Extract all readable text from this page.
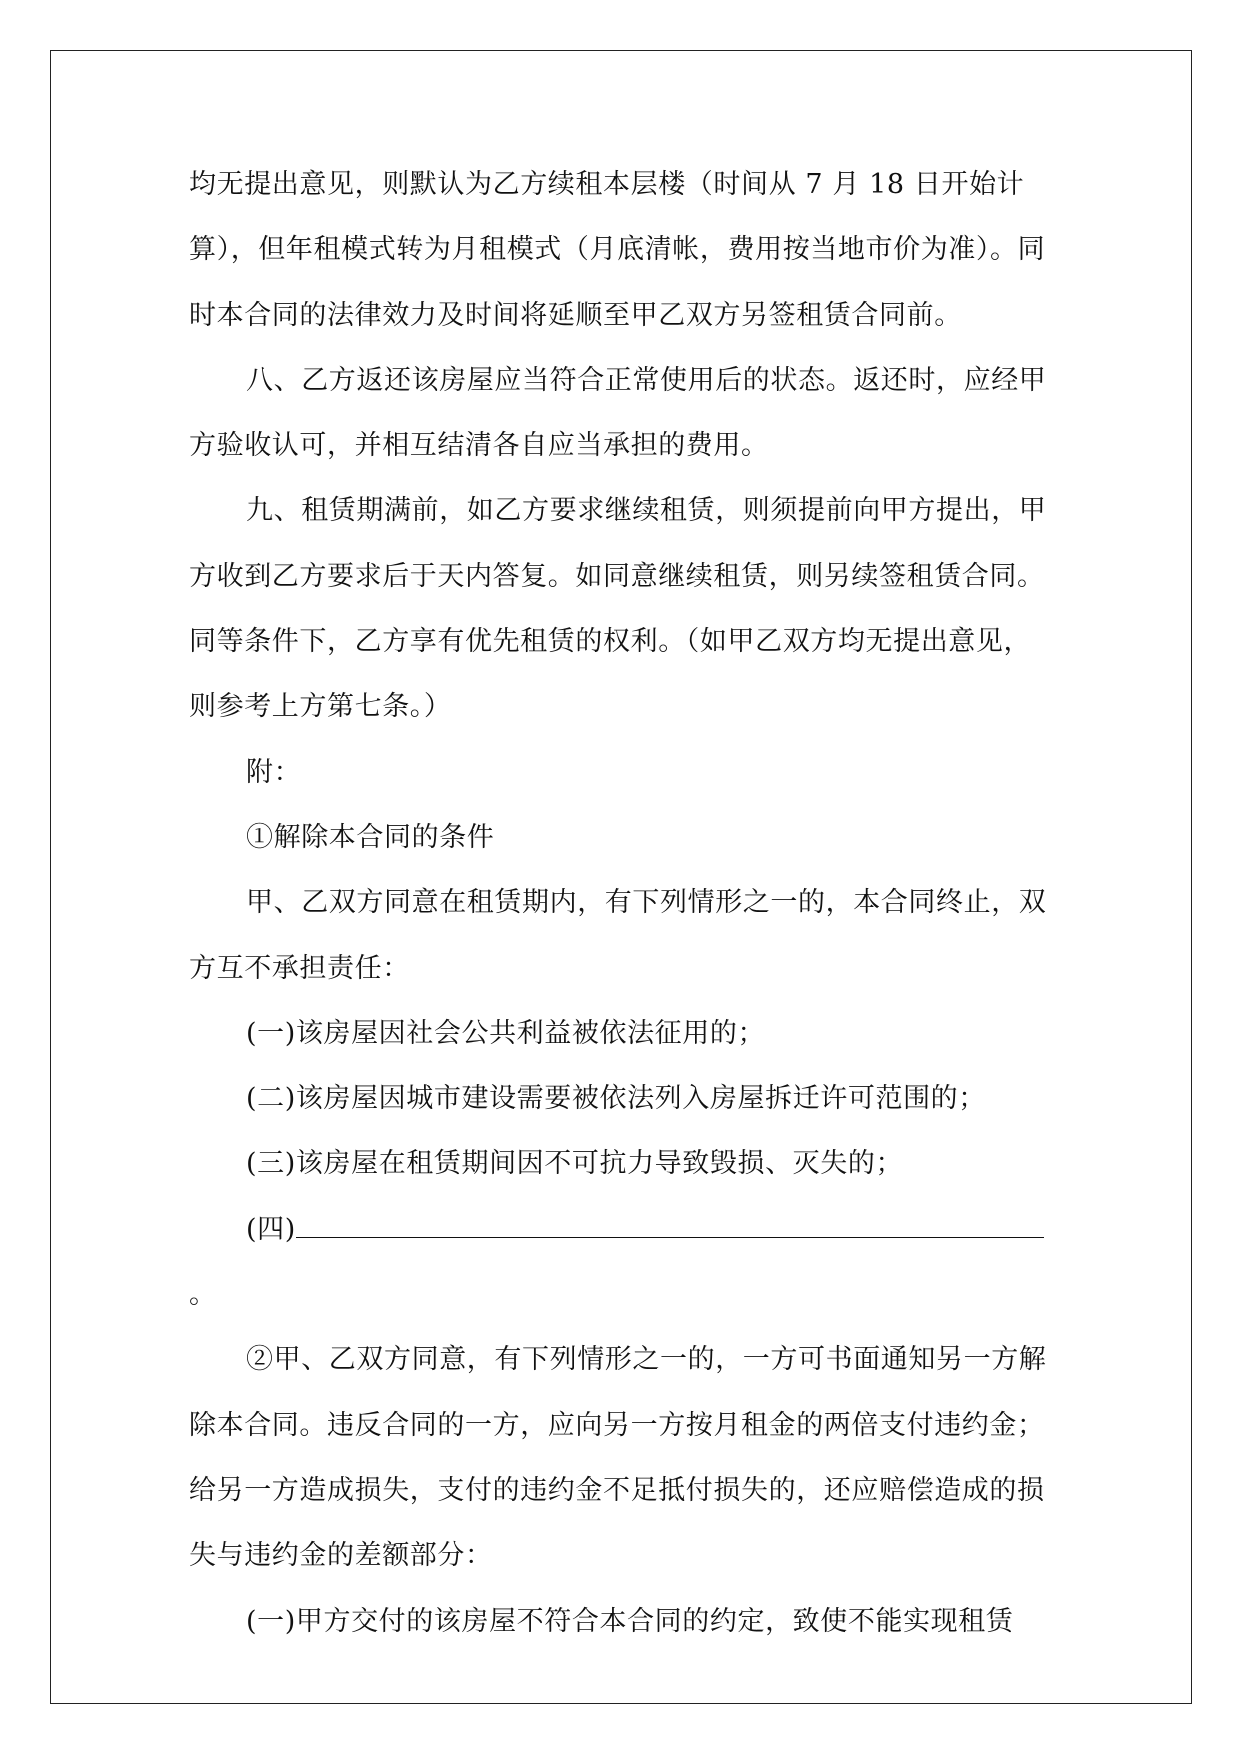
均无提出意见，则默认为乙方续租本层楼（时间从 7 月 18 日开始计算），但年租模式转为月租模式（月底清帐，费用按当地市价为准）。同时本合同的法律效力及时间将延顺至甲乙双方另签租赁合同前。

八、乙方返还该房屋应当符合正常使用后的状态。返还时，应经甲方验收认可，并相互结清各自应当承担的费用。

九、租赁期满前，如乙方要求继续租赁，则须提前向甲方提出，甲方收到乙方要求后于天内答复。如同意继续租赁，则另续签租赁合同。同等条件下，乙方享有优先租赁的权利。（如甲乙双方均无提出意见，则参考上方第七条。）

附：

①解除本合同的条件

甲、乙双方同意在租赁期内，有下列情形之一的，本合同终止，双方互不承担责任：

(一)该房屋因社会公共利益被依法征用的；

(二)该房屋因城市建设需要被依法列入房屋拆迁许可范围的；

(三)该房屋在租赁期间因不可抗力导致毁损、灭失的；

(四)。

②甲、乙双方同意，有下列情形之一的，一方可书面通知另一方解除本合同。违反合同的一方，应向另一方按月租金的两倍支付违约金；给另一方造成损失，支付的违约金不足抵付损失的，还应赔偿造成的损失与违约金的差额部分：

(一)甲方交付的该房屋不符合本合同的约定，致使不能实现租赁
